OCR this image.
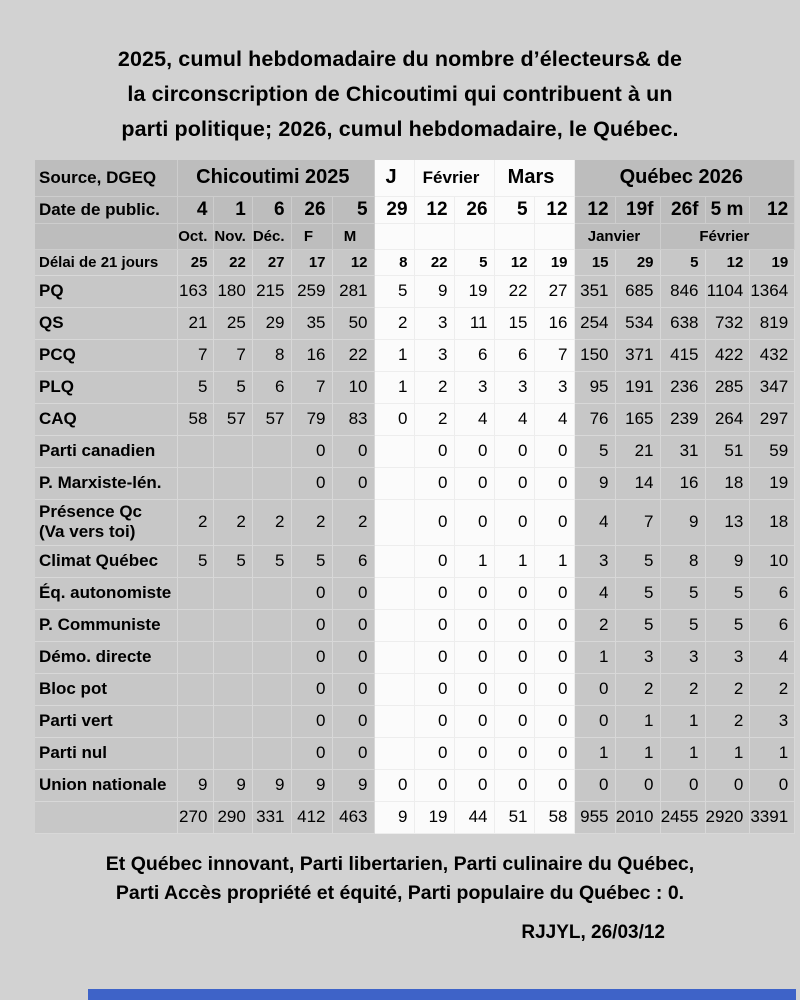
2025, cumul hebdomadaire du nombre d’électeurs& de
la circonscription de Chicoutimi qui contribuent à un
parti politique; 2026, cumul hebdomadaire, le Québec.
Source, DGEQ	Chicoutimi 2025					J	Février		Mars		Québec 2026				
Date de public.	4	1	6	26	5	29	12	26	5	12	12	19f	26f	5 m	12
	Oct.	Nov.	Déc.	F	M						Janvier		Février		
Délai de 21 jours	25	22	27	17	12	8	22	5	12	19	15	29	5	12	19
PQ	163	180	215	259	281	5	9	19	22	27	351	685	846	1104	1364
QS	21	25	29	35	50	2	3	11	15	16	254	534	638	732	819
PCQ	7	7	8	16	22	1	3	6	6	7	150	371	415	422	432
PLQ	5	5	6	7	10	1	2	3	3	3	95	191	236	285	347
CAQ	58	57	57	79	83	0	2	4	4	4	76	165	239	264	297
Parti canadien				0	0		0	0	0	0	5	21	31	51	59
P. Marxiste-lén.				0	0		0	0	0	0	9	14	16	18	19

Présence Qc
(Va vers toi)	2	2	2	2	2		0	0	0	0	4	7	9	13	18
Climat Québec	5	5	5	5	6		0	1	1	1	3	5	8	9	10
Éq. autonomiste				0	0		0	0	0	0	4	5	5	5	6
P. Communiste				0	0		0	0	0	0	2	5	5	5	6
Démo. directe				0	0		0	0	0	0	1	3	3	3	4
Bloc pot				0	0		0	0	0	0	0	2	2	2	2
Parti vert				0	0		0	0	0	0	0	1	1	2	3
Parti nul				0	0		0	0	0	0	1	1	1	1	1
Union nationale	9	9	9	9	9	0	0	0	0	0	0	0	0	0	0
	270	290	331	412	463	9	19	44	51	58	955	2010	2455	2920	3391
Et Québec innovant, Parti libertarien, Parti culinaire du Québec,
Parti Accès propriété et équité, Parti populaire du Québec : 0.
RJJYL, 26/03/12
